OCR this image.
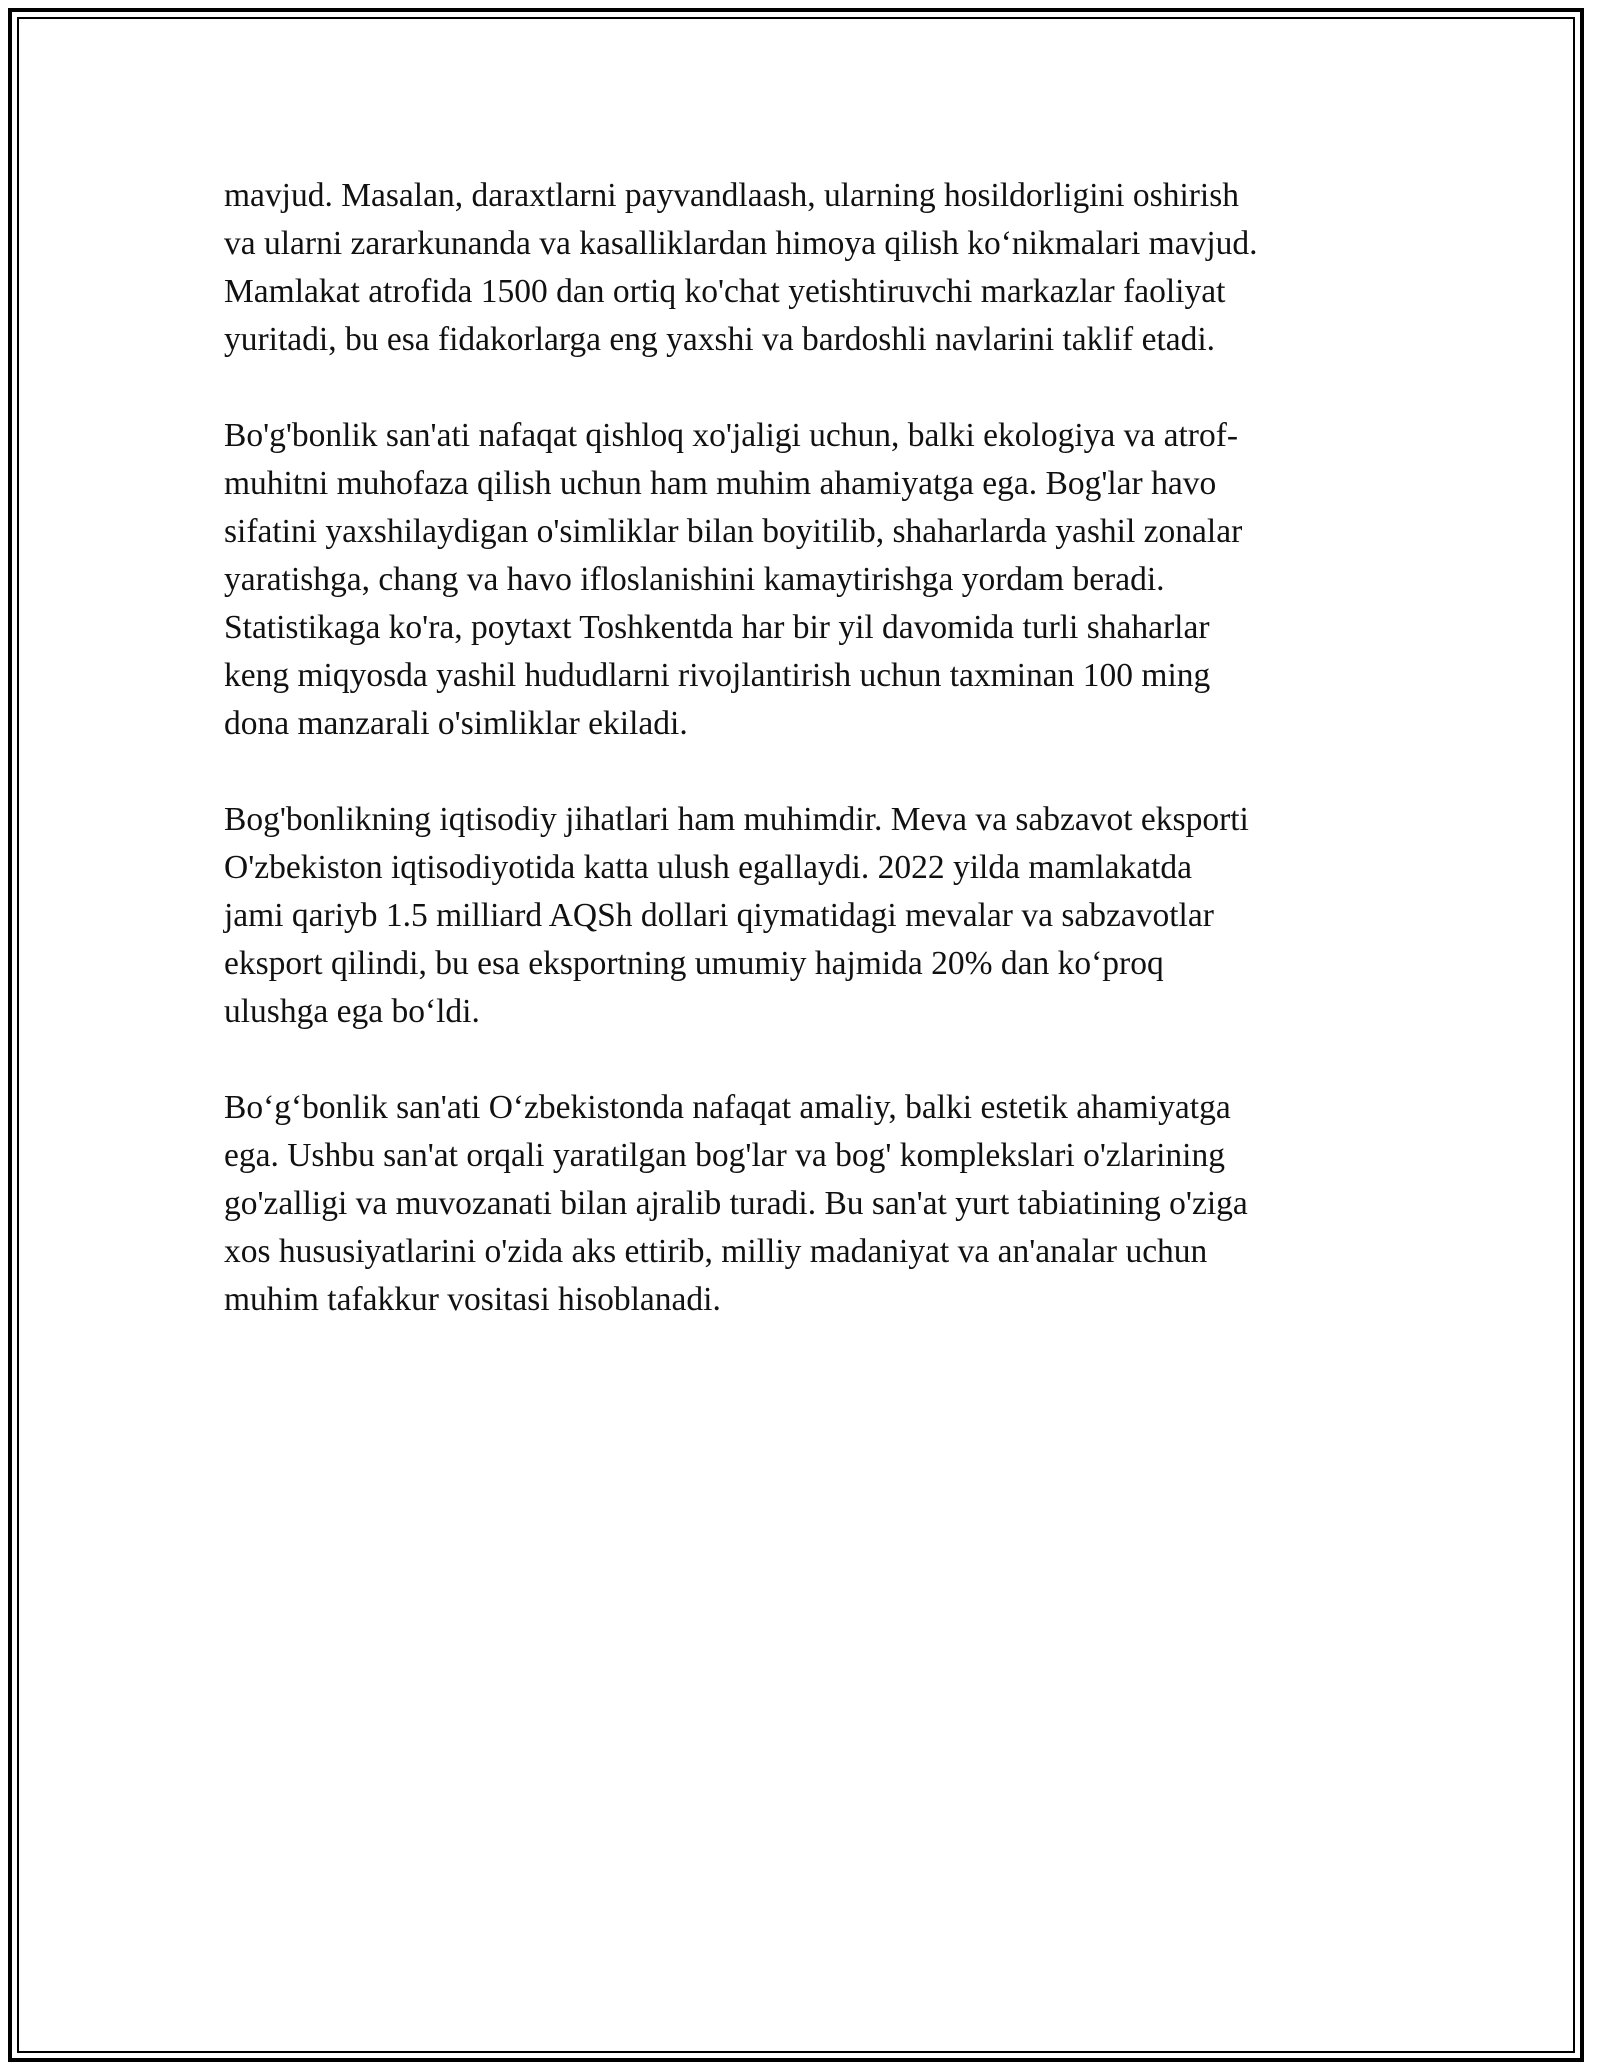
mavjud. Masalan, daraxtlarni payvandlaash, ularning hosildorligini oshirish
va ularni zararkunanda va kasalliklardan himoya qilish ko‘nikmalari mavjud.
Mamlakat atrofida 1500 dan ortiq ko'chat yetishtiruvchi markazlar faoliyat
yuritadi, bu esa fidakorlarga eng yaxshi va bardoshli navlarini taklif etadi.

Bo'g'bonlik san'ati nafaqat qishloq xo'jaligi uchun, balki ekologiya va atrof-
muhitni muhofaza qilish uchun ham muhim ahamiyatga ega. Bog'lar havo
sifatini yaxshilaydigan o'simliklar bilan boyitilib, shaharlarda yashil zonalar
yaratishga, chang va havo ifloslanishini kamaytirishga yordam beradi.
Statistikaga ko'ra, poytaxt Toshkentda har bir yil davomida turli shaharlar
keng miqyosda yashil hududlarni rivojlantirish uchun taxminan 100 ming
dona manzarali o'simliklar ekiladi.

Bog'bonlikning iqtisodiy jihatlari ham muhimdir. Meva va sabzavot eksporti
O'zbekiston iqtisodiyotida katta ulush egallaydi. 2022 yilda mamlakatda
jami qariyb 1.5 milliard AQSh dollari qiymatidagi mevalar va sabzavotlar
eksport qilindi, bu esa eksportning umumiy hajmida 20% dan ko‘proq
ulushga ega bo‘ldi.

Bo‘g‘bonlik san'ati O‘zbekistonda nafaqat amaliy, balki estetik ahamiyatga
ega. Ushbu san'at orqali yaratilgan bog'lar va bog' komplekslari o'zlarining
go'zalligi va muvozanati bilan ajralib turadi. Bu san'at yurt tabiatining o'ziga
xos hususiyatlarini o'zida aks ettirib, milliy madaniyat va an'analar uchun
muhim tafakkur vositasi hisoblanadi.
